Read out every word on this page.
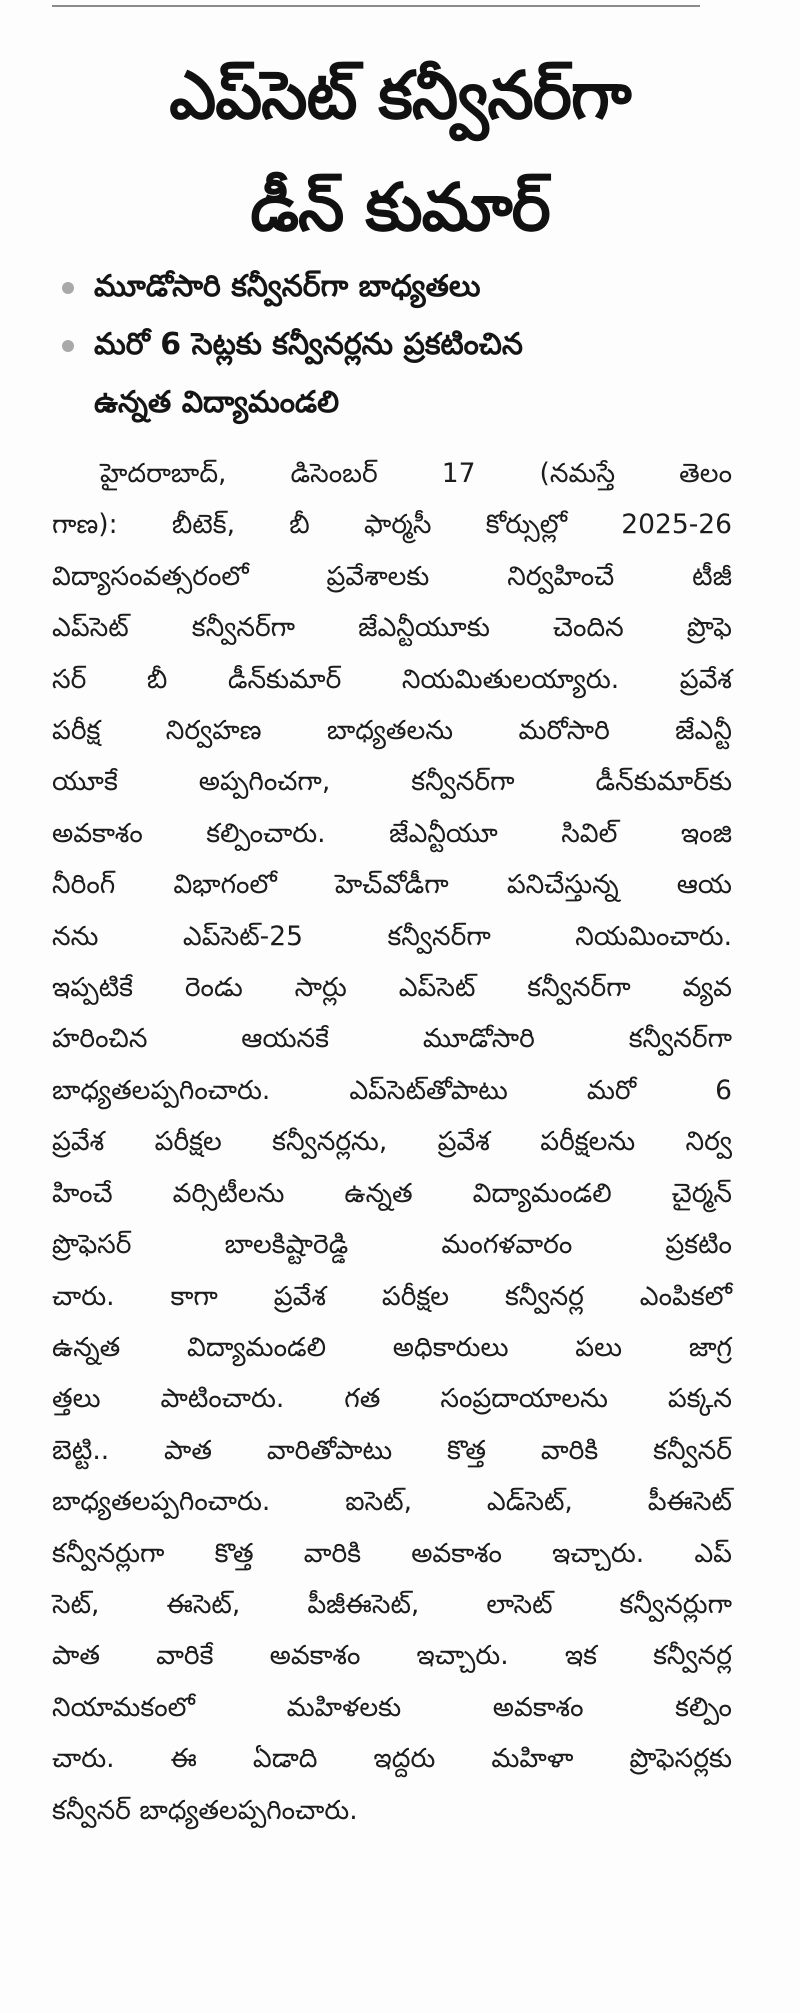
ఎప్‌సెట్‌ కన్వీనర్‌గా
డీన్‌ కుమార్‌
మూడోసారి కన్వీనర్‌గా బాధ్యతలు
మరో 6 సెట్లకు కన్వీనర్లను ప్రకటించిన
ఉన్నత విద్యామండలి
హైదరాబాద్‌, డిసెంబర్‌ 17 (నమస్తే తెలం
గాణ): బీటెక్‌, బీ ఫార్మసీ కోర్సుల్లో 2025-26
విద్యాసంవత్సరంలో ప్రవేశాలకు నిర్వహించే టీజీ
ఎప్‌సెట్‌ కన్వీనర్‌గా జేఎన్టీయూకు చెందిన ప్రొఫె
సర్‌ బీ డీన్‌కుమార్‌ నియమితులయ్యారు. ప్రవేశ
పరీక్ష నిర్వహణ బాధ్యతలను మరోసారి జేఎన్టీ
యూకే అప్పగించగా, కన్వీనర్‌గా డీన్‌కుమార్‌కు
అవకాశం కల్పించారు. జేఎన్టీయూ సివిల్‌ ఇంజి
నీరింగ్‌ విభాగంలో హెచ్‌వోడీగా పనిచేస్తున్న ఆయ
నను ఎప్‌సెట్‌-25 కన్వీనర్‌గా నియమించారు.
ఇప్పటికే రెండు సార్లు ఎప్‌సెట్‌ కన్వీనర్‌గా వ్యవ
హరించిన ఆయనకే మూడోసారి కన్వీనర్‌గా
బాధ్యతలప్పగించారు. ఎప్‌సెట్‌తోపాటు మరో 6
ప్రవేశ పరీక్షల కన్వీనర్లను, ప్రవేశ పరీక్షలను నిర్వ
హించే వర్సిటీలను ఉన్నత విద్యామండలి చైర్మన్‌
ప్రొఫెసర్‌ బాలకిష్టారెడ్డి మంగళవారం ప్రకటిం
చారు. కాగా ప్రవేశ పరీక్షల కన్వీనర్ల ఎంపికలో
ఉన్నత విద్యామండలి అధికారులు పలు జాగ్ర
త్తలు పాటించారు. గత సంప్రదాయాలను పక్కన
బెట్టి.. పాత వారితోపాటు కొత్త వారికి కన్వీనర్‌
బాధ్యతలప్పగించారు. ఐసెట్‌, ఎడ్‌సెట్‌, పీఈసెట్‌
కన్వీనర్లుగా కొత్త వారికి అవకాశం ఇచ్చారు. ఎప్‌
సెట్‌, ఈసెట్‌, పీజీఈసెట్‌, లాసెట్‌ కన్వీనర్లుగా
పాత వారికే అవకాశం ఇచ్చారు. ఇక కన్వీనర్ల
నియామకంలో మహిళలకు అవకాశం కల్పిం
చారు. ఈ ఏడాది ఇద్దరు మహిళా ప్రొఫెసర్లకు
కన్వీనర్‌ బాధ్యతలప్పగించారు.
